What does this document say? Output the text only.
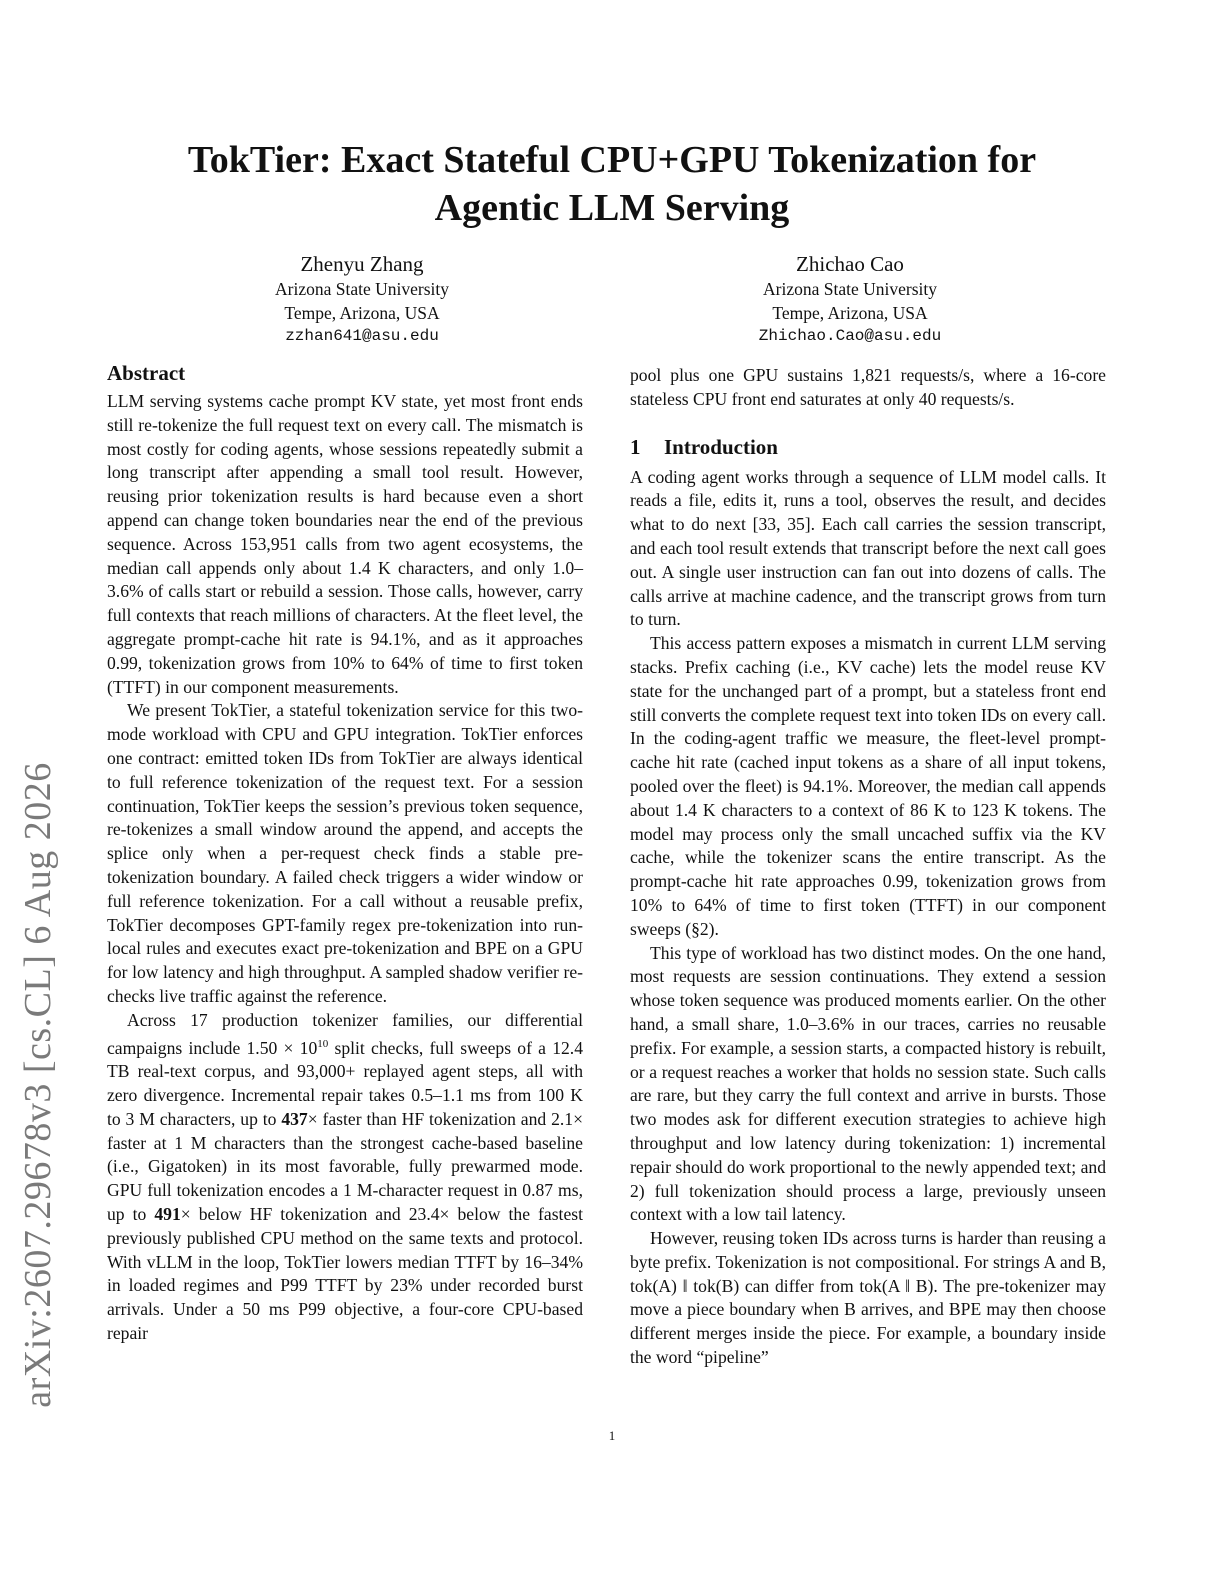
arXiv:2607.29678v3 [cs.CL] 6 Aug 2026
TokTier: Exact Stateful CPU+GPU Tokenization for
Agentic LLM Serving
Zhenyu Zhang
Arizona State University
Tempe, Arizona, USA
zzhan641@asu.edu
Zhichao Cao
Arizona State University
Tempe, Arizona, USA
Zhichao.Cao@asu.edu
Abstract

LLM serving systems cache prompt KV state, yet most front ends still re-tokenize the full request text on every call. The mismatch is most costly for coding agents, whose sessions repeatedly submit a long transcript after appending a small tool result. However, reusing prior tokenization results is hard because even a short append can change token boundaries near the end of the previous sequence. Across 153,951 calls from two agent ecosystems, the median call appends only about 1.4 K characters, and only 1.0–3.6% of calls start or rebuild a session. Those calls, however, carry full contexts that reach millions of characters. At the fleet level, the aggregate prompt-cache hit rate is 94.1%, and as it approaches 0.99, tokenization grows from 10% to 64% of time to first token (TTFT) in our component measurements.

We present TokTier, a stateful tokenization service for this two-mode workload with CPU and GPU integration. TokTier enforces one contract: emitted token IDs from TokTier are always identical to full reference tokenization of the request text. For a session continuation, TokTier keeps the session’s previous token sequence, re-tokenizes a small window around the append, and accepts the splice only when a per-request check finds a stable pre-tokenization boundary. A failed check triggers a wider window or full reference tokenization. For a call without a reusable prefix, TokTier decomposes GPT-family regex pre-tokenization into run-local rules and executes exact pre-tokenization and BPE on a GPU for low latency and high throughput. A sampled shadow verifier re-checks live traffic against the reference.

Across 17 production tokenizer families, our differential campaigns include $1.50 \times 10^{10}$ split checks, full sweeps of a 12.4 TB real-text corpus, and 93,000+ replayed agent steps, all with zero divergence. Incremental repair takes 0.5–1.1 ms from 100 K to 3 M characters, up to 437× faster than HF tokenization and 2.1× faster at 1 M characters than the strongest cache-based baseline (i.e., Gigatoken) in its most favorable, fully prewarmed mode. GPU full tokenization encodes a 1 M-character request in 0.87 ms, up to 491× below HF tokenization and 23.4× below the fastest previously published CPU method on the same texts and protocol. With vLLM in the loop, TokTier lowers median TTFT by 16–34% in loaded regimes and P99 TTFT by 23% under recorded burst arrivals. Under a 50 ms P99 objective, a four-core CPU-based repair

pool plus one GPU sustains 1,821 requests/s, where a 16-core stateless CPU front end saturates at only 40 requests/s.

1 Introduction

A coding agent works through a sequence of LLM model calls. It reads a file, edits it, runs a tool, observes the result, and decides what to do next [33, 35]. Each call carries the session transcript, and each tool result extends that transcript before the next call goes out. A single user instruction can fan out into dozens of calls. The calls arrive at machine cadence, and the transcript grows from turn to turn.

This access pattern exposes a mismatch in current LLM serving stacks. Prefix caching (i.e., KV cache) lets the model reuse KV state for the unchanged part of a prompt, but a stateless front end still converts the complete request text into token IDs on every call. In the coding-agent traffic we measure, the fleet-level prompt-cache hit rate (cached input tokens as a share of all input tokens, pooled over the fleet) is 94.1%. Moreover, the median call appends about 1.4 K characters to a context of 86 K to 123 K tokens. The model may process only the small uncached suffix via the KV cache, while the tokenizer scans the entire transcript. As the prompt-cache hit rate approaches 0.99, tokenization grows from 10% to 64% of time to first token (TTFT) in our component sweeps (§2).

This type of workload has two distinct modes. On the one hand, most requests are session continuations. They extend a session whose token sequence was produced moments earlier. On the other hand, a small share, 1.0–3.6% in our traces, carries no reusable prefix. For example, a session starts, a compacted history is rebuilt, or a request reaches a worker that holds no session state. Such calls are rare, but they carry the full context and arrive in bursts. Those two modes ask for different execution strategies to achieve high throughput and low latency during tokenization: 1) incremental repair should do work proportional to the newly appended text; and 2) full tokenization should process a large, previously unseen context with a low tail latency.

However, reusing token IDs across turns is harder than reusing a byte prefix. Tokenization is not compositional. For strings A and B, tok(A) ‖ tok(B) can differ from tok(A ‖ B). The pre-tokenizer may move a piece boundary when B arrives, and BPE may then choose different merges inside the piece. For example, a boundary inside the word “pipeline”

1
